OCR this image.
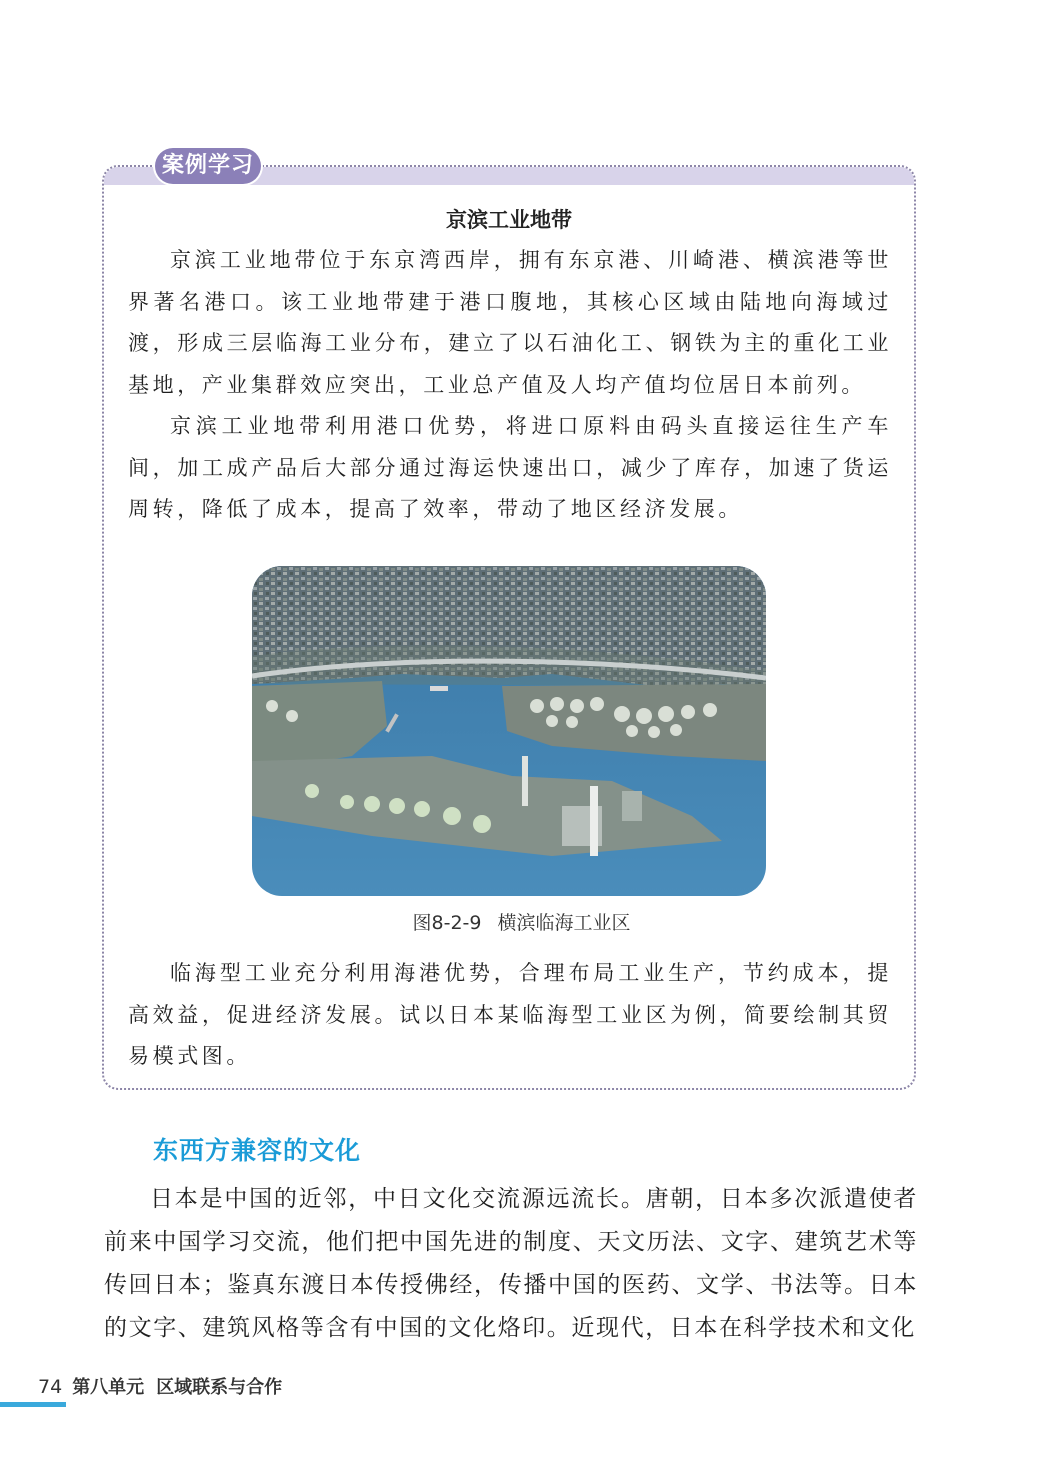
案例学习
京滨工业地带

京滨工业地带位于东京湾西岸，拥有东京港、川崎港、横滨港等世界著名港口。该工业地带建于港口腹地，其核心区域由陆地向海域过渡，形成三层临海工业分布，建立了以石油化工、钢铁为主的重化工业基地，产业集群效应突出，工业总产值及人均产值均位居日本前列。

京滨工业地带利用港口优势，将进口原料由码头直接运往生产车间，加工成产品后大部分通过海运快速出口，减少了库存，加速了货运周转，降低了成本，提高了效率，带动了地区经济发展。

图8-2-9 横滨临海工业区

临海型工业充分利用海港优势，合理布局工业生产，节约成本，提高效益，促进经济发展。试以日本某临海型工业区为例，简要绘制其贸易模式图。

东西方兼容的文化

日本是中国的近邻，中日文化交流源远流长。唐朝，日本多次派遣使者前来中国学习交流，他们把中国先进的制度、天文历法、文字、建筑艺术等传回日本；鉴真东渡日本传授佛经，传播中国的医药、文学、书法等。日本的文字、建筑风格等含有中国的文化烙印。近现代，日本在科学技术和文化

74 第八单元 区域联系与合作
